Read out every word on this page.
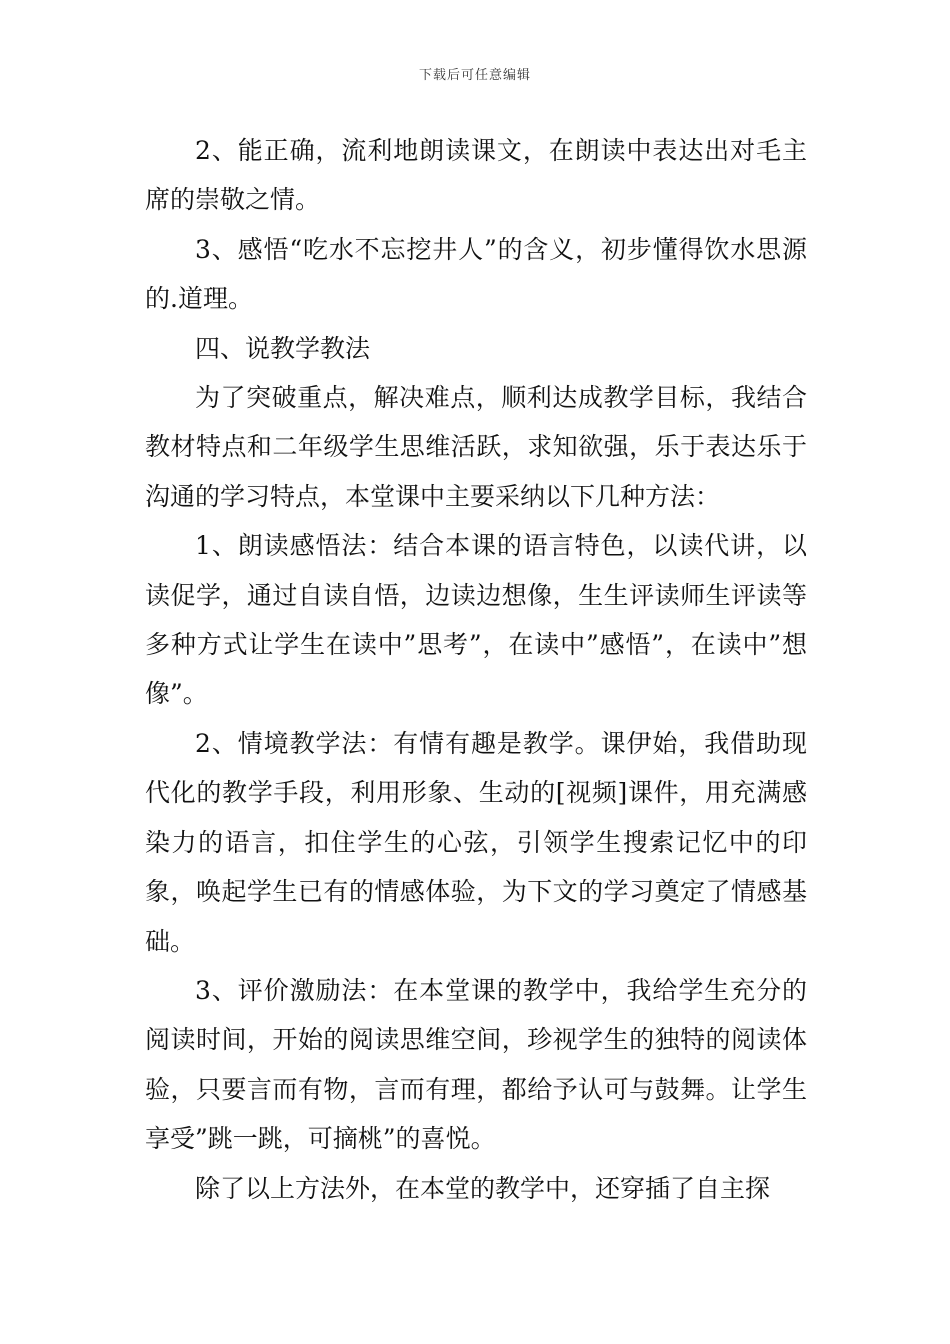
下载后可任意编辑

2、能正确，流利地朗读课文，在朗读中表达出对毛主席的崇敬之情。

3、感悟“吃水不忘挖井人”的含义，初步懂得饮水思源的.道理。

四、说教学教法

为了突破重点，解决难点，顺利达成教学目标，我结合教材特点和二年级学生思维活跃，求知欲强，乐于表达乐于沟通的学习特点，本堂课中主要采纳以下几种方法：

1、朗读感悟法：结合本课的语言特色，以读代讲，以读促学，通过自读自悟，边读边想像，生生评读师生评读等多种方式让学生在读中”思考”，在读中”感悟”，在读中”想像”。

2、情境教学法：有情有趣是教学。课伊始，我借助现代化的教学手段，利用形象、生动的[视频]课件，用充满感染力的语言，扣住学生的心弦，引领学生搜索记忆中的印象，唤起学生已有的情感体验，为下文的学习奠定了情感基础。

3、评价激励法：在本堂课的教学中，我给学生充分的阅读时间，开始的阅读思维空间，珍视学生的独特的阅读体验，只要言而有物，言而有理，都给予认可与鼓舞。让学生享受”跳一跳，可摘桃”的喜悦。

除了以上方法外，在本堂的教学中，还穿插了自主探
